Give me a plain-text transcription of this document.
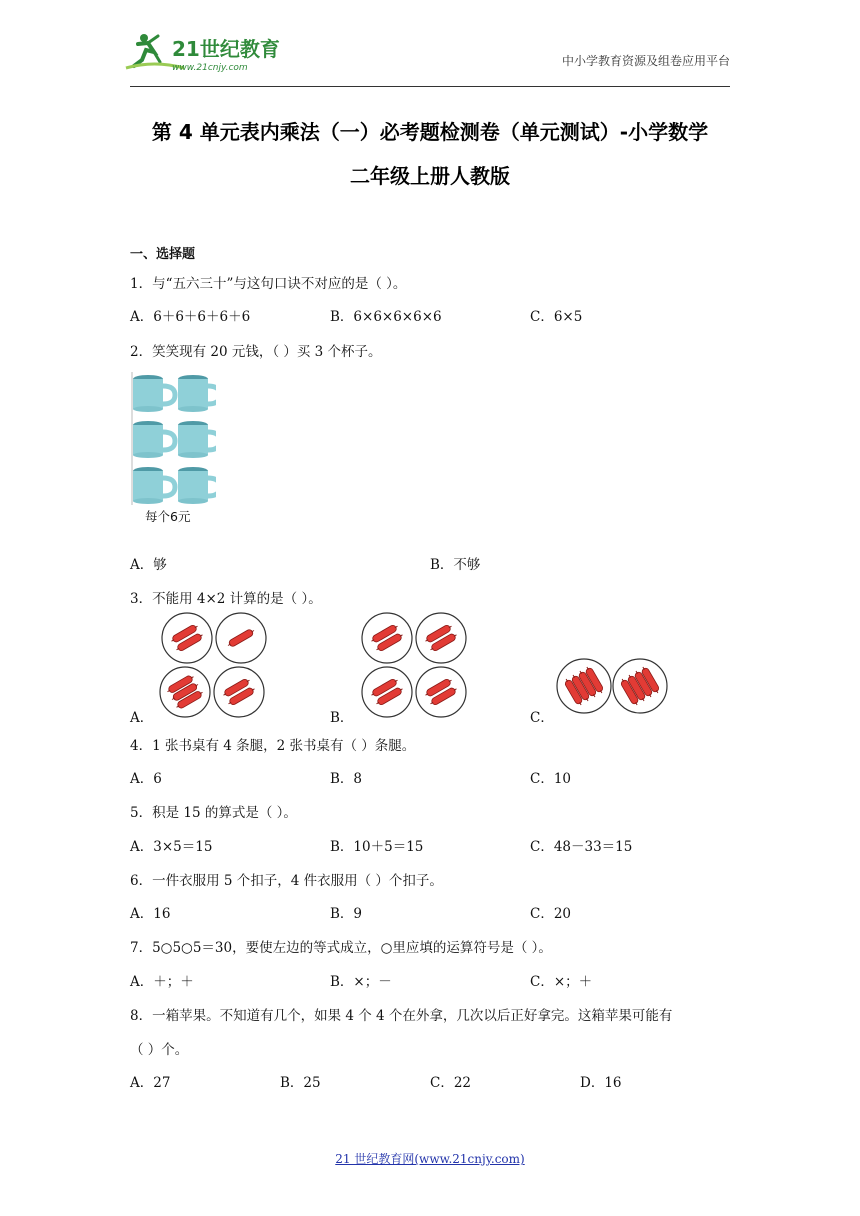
21世纪教育
www.21cnjy.com	中小学教育资源及组卷应用平台
第 4 单元表内乘法（一）必考题检测卷（单元测试）-小学数学
二年级上册人教版
一、选择题
1．与“五六三十”与这句口诀不对应的是（ ）。
A．6＋6＋6＋6＋6	B．6×6×6×6×6	C．6×5
2．笑笑现有 20 元钱，（ ）买 3 个杯子。
每个6元
A．够	B．不够
3．不能用 4×2 计算的是（ ）。
A．	B．	C．
4．1 张书桌有 4 条腿，2 张书桌有（ ）条腿。
A．6	B．8	C．10
5．积是 15 的算式是（ ）。
A．3×5＝15	B．10＋5＝15	C．48－33＝15
6．一件衣服用 5 个扣子，4 件衣服用（ ）个扣子。
A．16	B．9	C．20
7．5○5○5＝30，要使左边的等式成立，○里应填的运算符号是（ ）。
A．＋；＋	B．×；－	C．×；＋
8．一箱苹果。不知道有几个，如果 4 个 4 个在外拿，几次以后正好拿完。这箱苹果可能有
（ ）个。
A．27	B．25	C．22	D．16
21 世纪教育网(www.21cnjy.com)
